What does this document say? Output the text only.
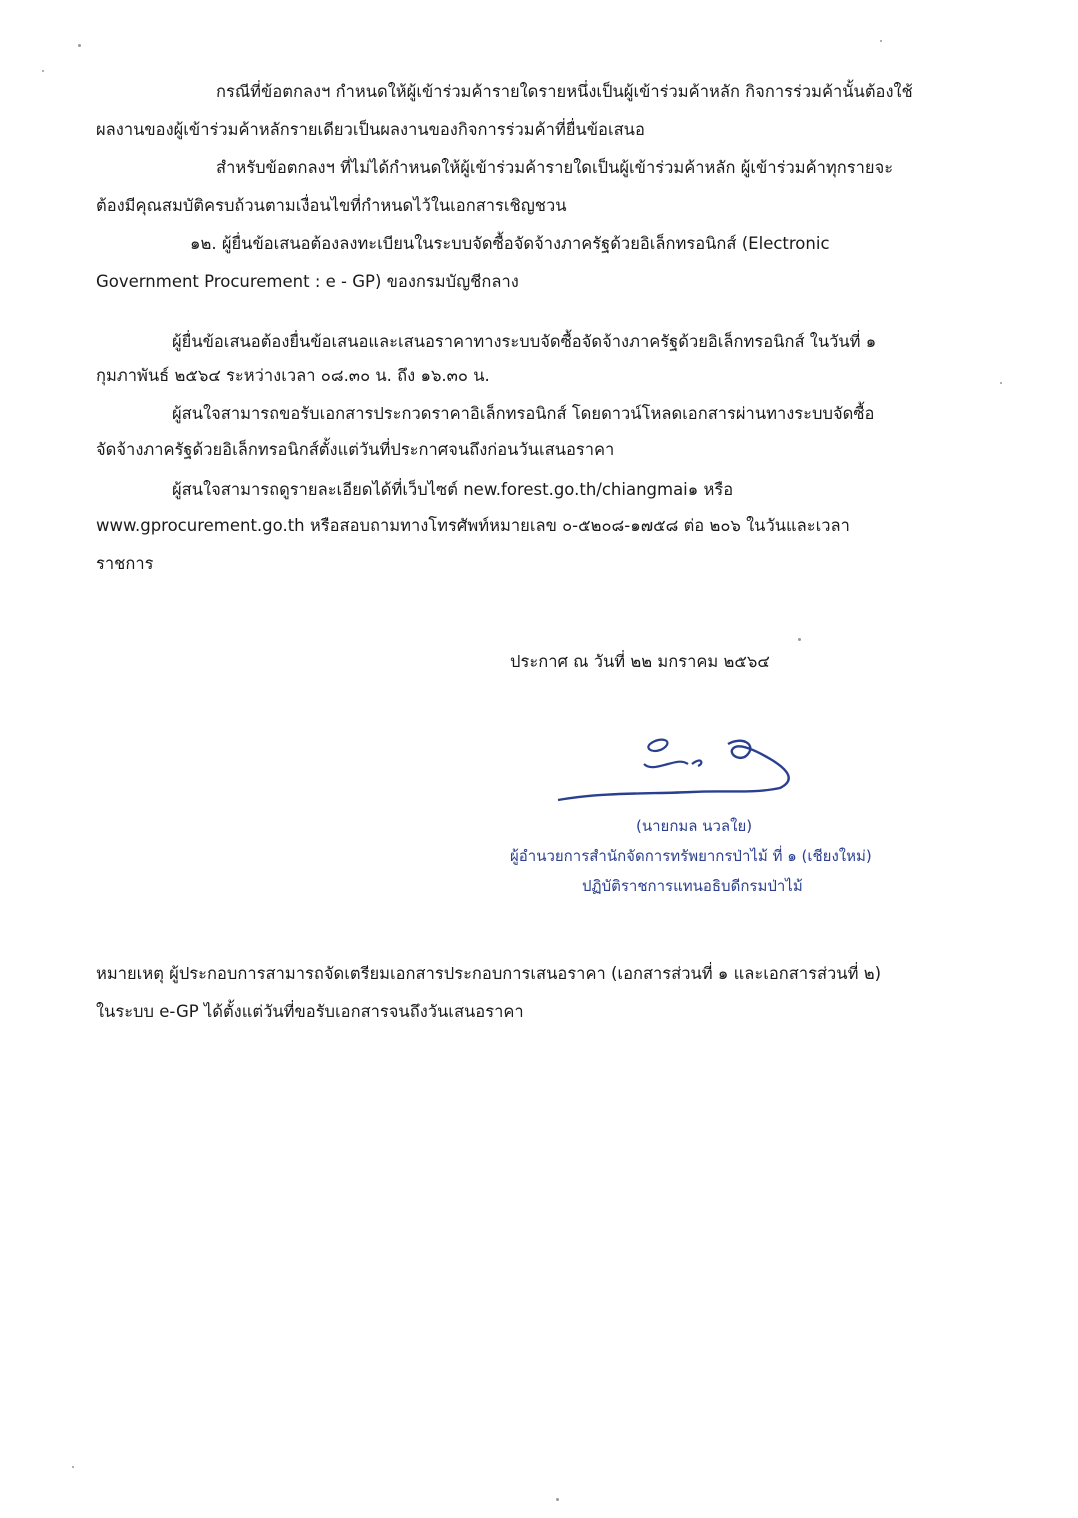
กรณีที่ข้อตกลงฯ กำหนดให้ผู้เข้าร่วมค้ารายใดรายหนึ่งเป็นผู้เข้าร่วมค้าหลัก กิจการร่วมค้านั้นต้องใช้
ผลงานของผู้เข้าร่วมค้าหลักรายเดียวเป็นผลงานของกิจการร่วมค้าที่ยื่นข้อเสนอ
สำหรับข้อตกลงฯ ที่ไม่ได้กำหนดให้ผู้เข้าร่วมค้ารายใดเป็นผู้เข้าร่วมค้าหลัก ผู้เข้าร่วมค้าทุกรายจะ
ต้องมีคุณสมบัติครบถ้วนตามเงื่อนไขที่กำหนดไว้ในเอกสารเชิญชวน
๑๒. ผู้ยื่นข้อเสนอต้องลงทะเบียนในระบบจัดซื้อจัดจ้างภาครัฐด้วยอิเล็กทรอนิกส์ (Electronic
Government Procurement : e - GP) ของกรมบัญชีกลาง
ผู้ยื่นข้อเสนอต้องยื่นข้อเสนอและเสนอราคาทางระบบจัดซื้อจัดจ้างภาครัฐด้วยอิเล็กทรอนิกส์ ในวันที่ ๑
กุมภาพันธ์ ๒๕๖๔ ระหว่างเวลา ๐๘.๓๐ น. ถึง ๑๖.๓๐ น.
ผู้สนใจสามารถขอรับเอกสารประกวดราคาอิเล็กทรอนิกส์ โดยดาวน์โหลดเอกสารผ่านทางระบบจัดซื้อ
จัดจ้างภาครัฐด้วยอิเล็กทรอนิกส์ตั้งแต่วันที่ประกาศจนถึงก่อนวันเสนอราคา
ผู้สนใจสามารถดูรายละเอียดได้ที่เว็บไซต์ new.forest.go.th/chiangmai๑ หรือ
www.gprocurement.go.th หรือสอบถามทางโทรศัพท์หมายเลข ๐-๕๒๐๘-๑๗๕๘ ต่อ ๒๐๖ ในวันและเวลา
ราชการ
ประกาศ ณ วันที่ ๒๒ มกราคม ๒๕๖๔
(นายกมล นวลใย)
ผู้อำนวยการสำนักจัดการทรัพยากรป่าไม้ ที่ ๑ (เชียงใหม่)
ปฏิบัติราชการแทนอธิบดีกรมป่าไม้
หมายเหตุ ผู้ประกอบการสามารถจัดเตรียมเอกสารประกอบการเสนอราคา (เอกสารส่วนที่ ๑ และเอกสารส่วนที่ ๒)
ในระบบ e-GP ได้ตั้งแต่วันที่ขอรับเอกสารจนถึงวันเสนอราคา
